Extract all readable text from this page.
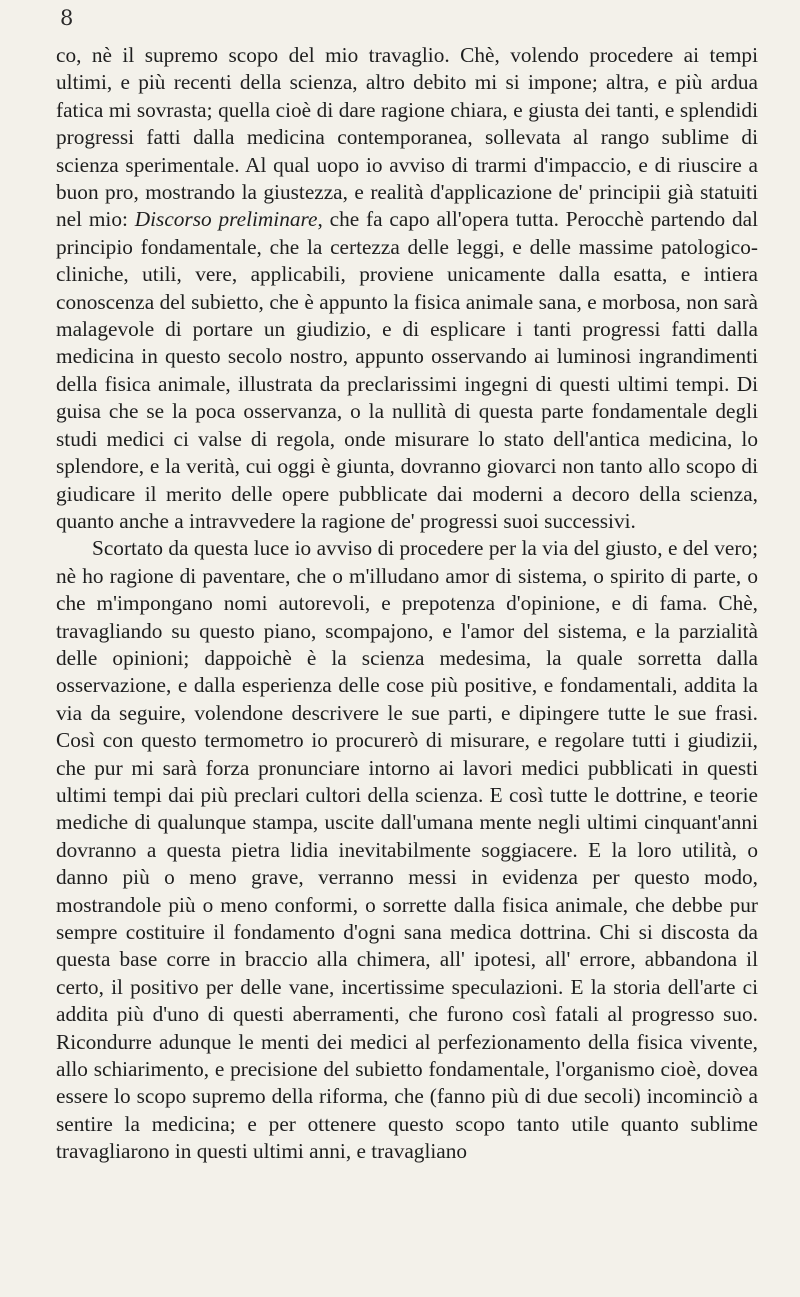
8

co, nè il supremo scopo del mio travaglio. Chè, volendo procedere ai tempi ultimi, e più recenti della scienza, altro debito mi si impone; altra, e più ardua fatica mi sovrasta; quella cioè di dare ragione chiara, e giusta dei tanti, e splendidi progressi fatti dalla medicina contemporanea, sollevata al rango sublime di scienza sperimentale. Al qual uopo io avviso di trarmi d'impaccio, e di riuscire a buon pro, mostrando la giustezza, e realità d'applicazione de' principii già statuiti nel mio: Discorso preliminare, che fa capo all'opera tutta. Perocchè partendo dal principio fondamentale, che la certezza delle leggi, e delle massime patologico-cliniche, utili, vere, applicabili, proviene unicamente dalla esatta, e intiera conoscenza del subietto, che è appunto la fisica animale sana, e morbosa, non sarà malagevole di portare un giudizio, e di esplicare i tanti progressi fatti dalla medicina in questo secolo nostro, appunto osservando ai luminosi ingrandimenti della fisica animale, illustrata da preclarissimi ingegni di questi ultimi tempi. Di guisa che se la poca osservanza, o la nullità di questa parte fondamentale degli studi medici ci valse di regola, onde misurare lo stato dell'antica medicina, lo splendore, e la verità, cui oggi è giunta, dovranno giovarci non tanto allo scopo di giudicare il merito delle opere pubblicate dai moderni a decoro della scienza, quanto anche a intravvedere la ragione de' progressi suoi successivi.

Scortato da questa luce io avviso di procedere per la via del giusto, e del vero; nè ho ragione di paventare, che o m'illudano amor di sistema, o spirito di parte, o che m'impongano nomi autorevoli, e prepotenza d'opinione, e di fama. Chè, travagliando su questo piano, scompajono, e l'amor del sistema, e la parzialità delle opinioni; dappoichè è la scienza medesima, la quale sorretta dalla osservazione, e dalla esperienza delle cose più positive, e fondamentali, addita la via da seguire, volendone descrivere le sue parti, e dipingere tutte le sue frasi. Così con questo termometro io procurerò di misurare, e regolare tutti i giudizii, che pur mi sarà forza pronunciare intorno ai lavori medici pubblicati in questi ultimi tempi dai più preclari cultori della scienza. E così tutte le dottrine, e teorie mediche di qualunque stampa, uscite dall'umana mente negli ultimi cinquant'anni dovranno a questa pietra lidia inevitabilmente soggiacere. E la loro utilità, o danno più o meno grave, verranno messi in evidenza per questo modo, mostrandole più o meno conformi, o sorrette dalla fisica animale, che debbe pur sempre costituire il fondamento d'ogni sana medica dottrina. Chi si discosta da questa base corre in braccio alla chimera, all' ipotesi, all' errore, abbandona il certo, il positivo per delle vane, incertissime speculazioni. E la storia dell'arte ci addita più d'uno di questi aberramenti, che furono così fatali al progresso suo. Ricondurre adunque le menti dei medici al perfezionamento della fisica vivente, allo schiarimento, e precisione del subietto fondamentale, l'organismo cioè, dovea essere lo scopo supremo della riforma, che (fanno più di due secoli) incominciò a sentire la medicina; e per ottenere questo scopo tanto utile quanto sublime travagliarono in questi ultimi anni, e travagliano
